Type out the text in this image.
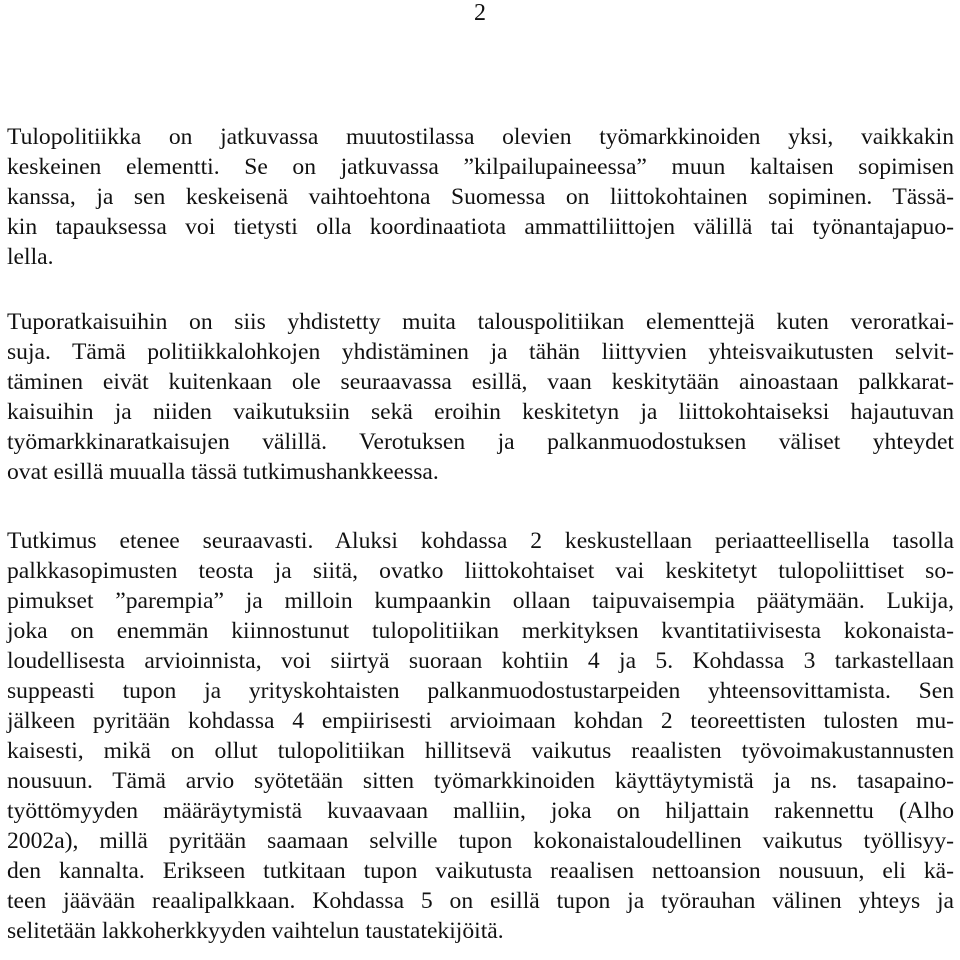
2
Tulopolitiikka on jatkuvassa muutostilassa olevien työmarkkinoiden yksi, vaikkakin
keskeinen elementti. Se on jatkuvassa ”kilpailupaineessa” muun kaltaisen sopimisen
kanssa, ja sen keskeisenä vaihtoehtona Suomessa on liittokohtainen sopiminen. Tässä-
kin tapauksessa voi tietysti olla koordinaatiota ammattiliittojen välillä tai työnantajapuo-
lella.
Tuporatkaisuihin on siis yhdistetty muita talouspolitiikan elementtejä kuten veroratkai-
suja. Tämä politiikkalohkojen yhdistäminen ja tähän liittyvien yhteisvaikutusten selvit-
täminen eivät kuitenkaan ole seuraavassa esillä, vaan keskitytään ainoastaan palkkarat-
kaisuihin ja niiden vaikutuksiin sekä eroihin keskitetyn ja liittokohtaiseksi hajautuvan
työmarkkinaratkaisujen välillä. Verotuksen ja palkanmuodostuksen väliset yhteydet
ovat esillä muualla tässä tutkimushankkeessa.
Tutkimus etenee seuraavasti. Aluksi kohdassa 2 keskustellaan periaatteellisella tasolla
palkkasopimusten teosta ja siitä, ovatko liittokohtaiset vai keskitetyt tulopoliittiset so-
pimukset ”parempia” ja milloin kumpaankin ollaan taipuvaisempia päätymään. Lukija,
joka on enemmän kiinnostunut tulopolitiikan merkityksen kvantitatiivisesta kokonaista-
loudellisesta arvioinnista, voi siirtyä suoraan kohtiin 4 ja 5. Kohdassa 3 tarkastellaan
suppeasti tupon ja yrityskohtaisten palkanmuodostustarpeiden yhteensovittamista. Sen
jälkeen pyritään kohdassa 4 empiirisesti arvioimaan kohdan 2 teoreettisten tulosten mu-
kaisesti, mikä on ollut tulopolitiikan hillitsevä vaikutus reaalisten työvoimakustannusten
nousuun. Tämä arvio syötetään sitten työmarkkinoiden käyttäytymistä ja ns. tasapaino-
työttömyyden määräytymistä kuvaavaan malliin, joka on hiljattain rakennettu (Alho
2002a), millä pyritään saamaan selville tupon kokonaistaloudellinen vaikutus työllisyy-
den kannalta. Erikseen tutkitaan tupon vaikutusta reaalisen nettoansion nousuun, eli kä-
teen jäävään reaalipalkkaan. Kohdassa 5 on esillä tupon ja työrauhan välinen yhteys ja
selitetään lakkoherkkyyden vaihtelun taustatekijöitä.
